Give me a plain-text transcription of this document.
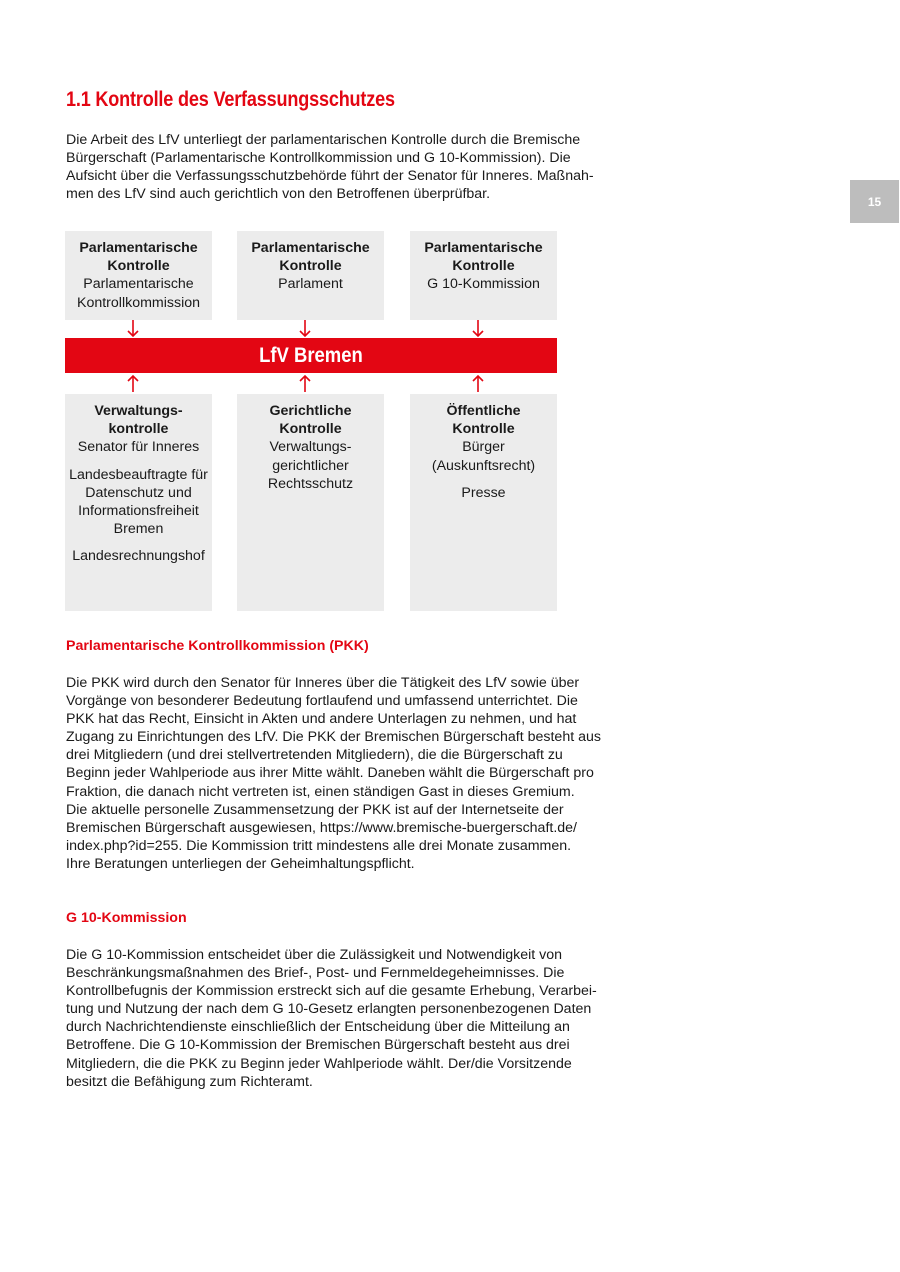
15
1.1 Kontrolle des Verfassungsschutzes

Die Arbeit des LfV unterliegt der parlamentarischen Kontrolle durch die Bremische
Bürgerschaft (Parlamentarische Kontrollkommission und G 10-Kommission). Die
Aufsicht über die Verfassungsschutzbehörde führt der Senator für Inneres. Maßnah-
men des LfV sind auch gerichtlich von den Betroffenen überprüfbar.

Parlamentarische
Kontrolle
Parlamentarische
Kontrollkommission
Parlamentarische
Kontrolle
Parlament
Parlamentarische
Kontrolle
G 10-Kommission
LfV Bremen
Verwaltungs-
kontrolle
Senator für Inneres
Landesbeauftragte für
Datenschutz und
Informationsfreiheit
Bremen
Landesrechnungshof
Gerichtliche
Kontrolle
Verwaltungs-
gerichtlicher
Rechtsschutz
Öffentliche
Kontrolle
Bürger
(Auskunftsrecht)
Presse
Parlamentarische Kontrollkommission (PKK)

Die PKK wird durch den Senator für Inneres über die Tätigkeit des LfV sowie über
Vorgänge von besonderer Bedeutung fortlaufend und umfassend unterrichtet. Die
PKK hat das Recht, Einsicht in Akten und andere Unterlagen zu nehmen, und hat
Zugang zu Einrichtungen des LfV. Die PKK der Bremischen Bürgerschaft besteht aus
drei Mitgliedern (und drei stellvertretenden Mitgliedern), die die Bürgerschaft zu
Beginn jeder Wahlperiode aus ihrer Mitte wählt. Daneben wählt die Bürgerschaft pro
Fraktion, die danach nicht vertreten ist, einen ständigen Gast in dieses Gremium.
Die aktuelle personelle Zusammensetzung der PKK ist auf der Internetseite der
Bremischen Bürgerschaft ausgewiesen, https://www.bremische-buergerschaft.de/
index.php?id=255. Die Kommission tritt mindestens alle drei Monate zusammen.
Ihre Beratungen unterliegen der Geheimhaltungspflicht.

G 10-Kommission

Die G 10-Kommission entscheidet über die Zulässigkeit und Notwendigkeit von
Beschränkungsmaßnahmen des Brief-, Post- und Fernmeldegeheimnisses. Die
Kontrollbefugnis der Kommission erstreckt sich auf die gesamte Erhebung, Verarbei-
tung und Nutzung der nach dem G 10-Gesetz erlangten personenbezogenen Daten
durch Nachrichtendienste einschließlich der Entscheidung über die Mitteilung an
Betroffene. Die G 10-Kommission der Bremischen Bürgerschaft besteht aus drei
Mitgliedern, die die PKK zu Beginn jeder Wahlperiode wählt. Der/die Vorsitzende
besitzt die Befähigung zum Richteramt.
